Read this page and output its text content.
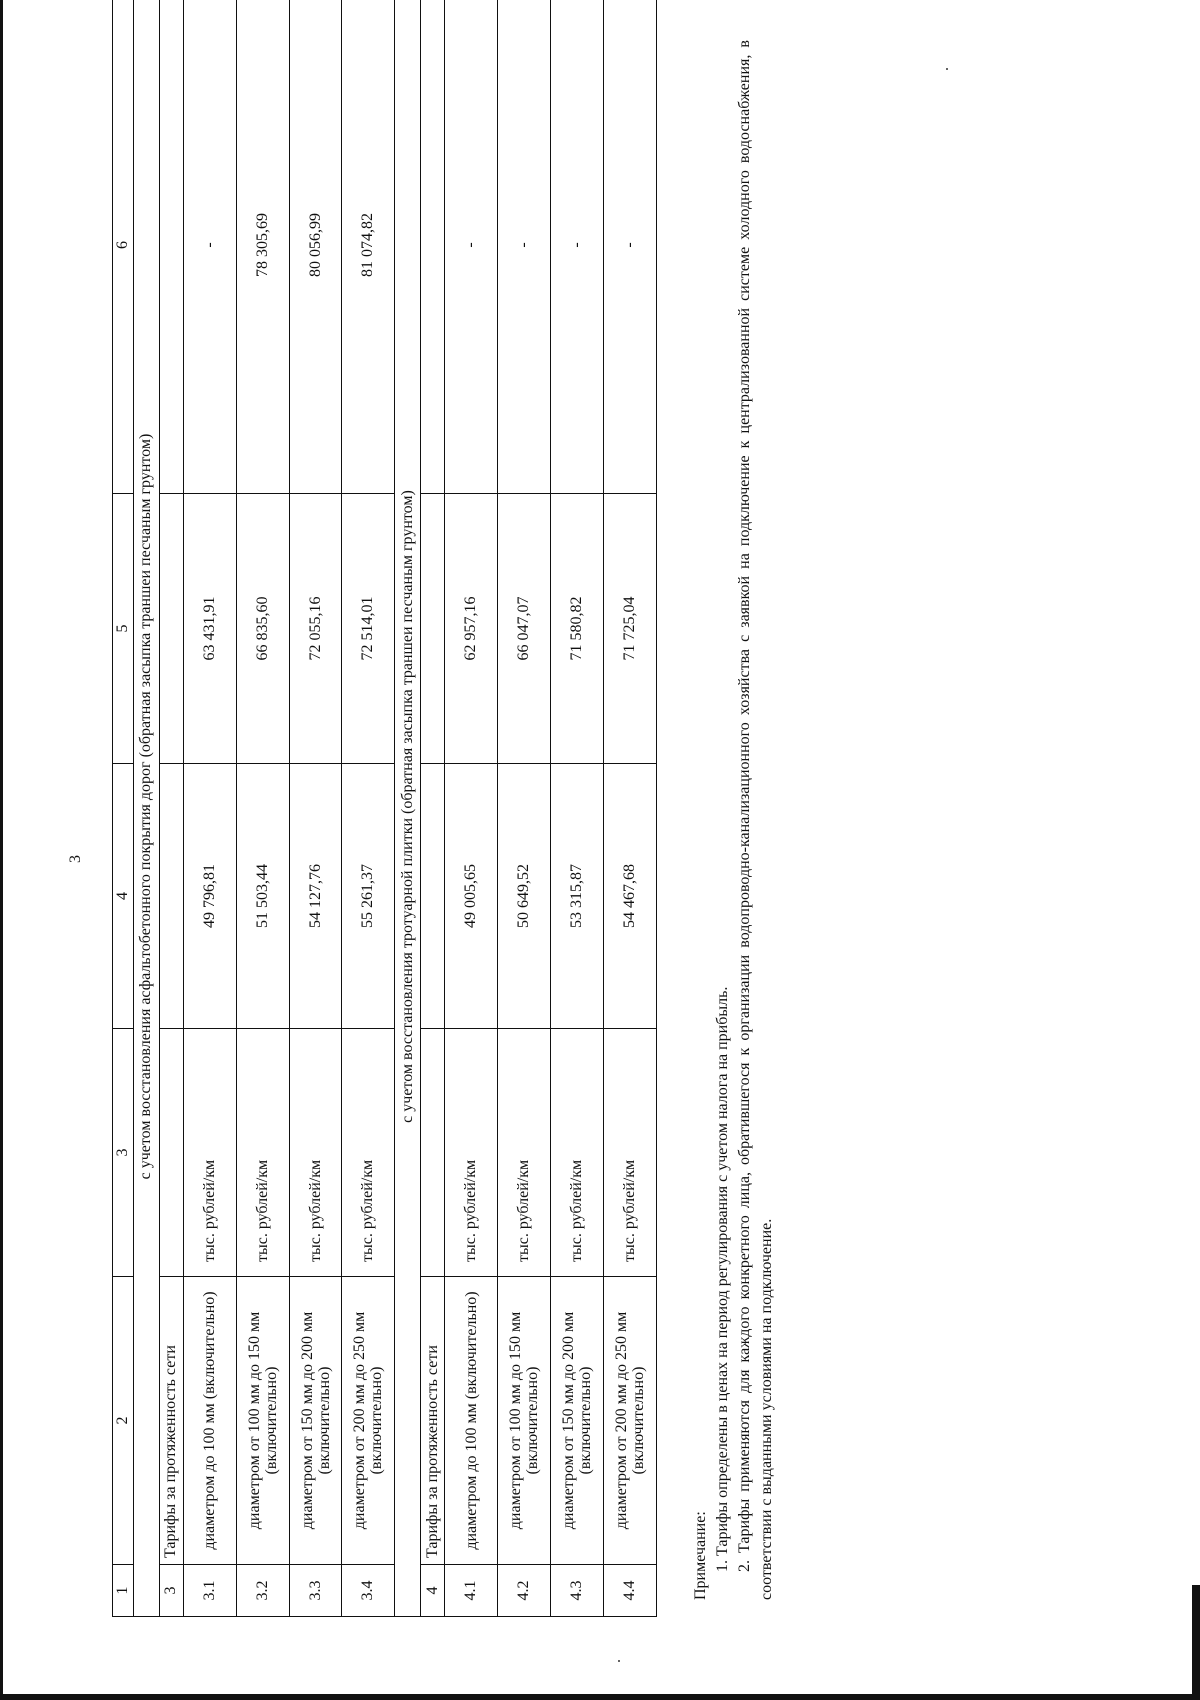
3
1	2	3	4	5	6
с учетом восстановления асфальтобетонного покрытия дорог (обратная засыпка траншеи песчаным грунтом)					
3	Тарифы за протяженность сети				
3.1	диаметром до 100 мм (включительно)	тыс. рублей/км	49 796,81	63 431,91	-
3.2	диаметром от 100 мм до 150 мм (включительно)	тыс. рублей/км	51 503,44	66 835,60	78 305,69
3.3	диаметром от 150 мм до 200 мм (включительно)	тыс. рублей/км	54 127,76	72 055,16	80 056,99
3.4	диаметром от 200 мм до 250 мм (включительно)	тыс. рублей/км	55 261,37	72 514,01	81 074,82
с учетом восстановления тротуарной плитки (обратная засыпка траншеи песчаным грунтом)					
4	Тарифы за протяженность сети				
4.1	диаметром до 100 мм (включительно)	тыс. рублей/км	49 005,65	62 957,16	-
4.2	диаметром от 100 мм до 150 мм (включительно)	тыс. рублей/км	50 649,52	66 047,07	-
4.3	диаметром от 150 мм до 200 мм (включительно)	тыс. рублей/км	53 315,87	71 580,82	-
4.4	диаметром от 200 мм до 250 мм (включительно)	тыс. рублей/км	54 467,68	71 725,04	-

Примечание: 1. Тарифы определены в ценах на период регулирования с учетом налога на прибыль. 2. Тарифы применяются для каждого конкретного лица, обратившегося к организации водопроводно-канализационного хозяйства с заявкой на подключение к централизованной системе холодного водоснабжения, в соответствии с выданными условиями на подключение.
